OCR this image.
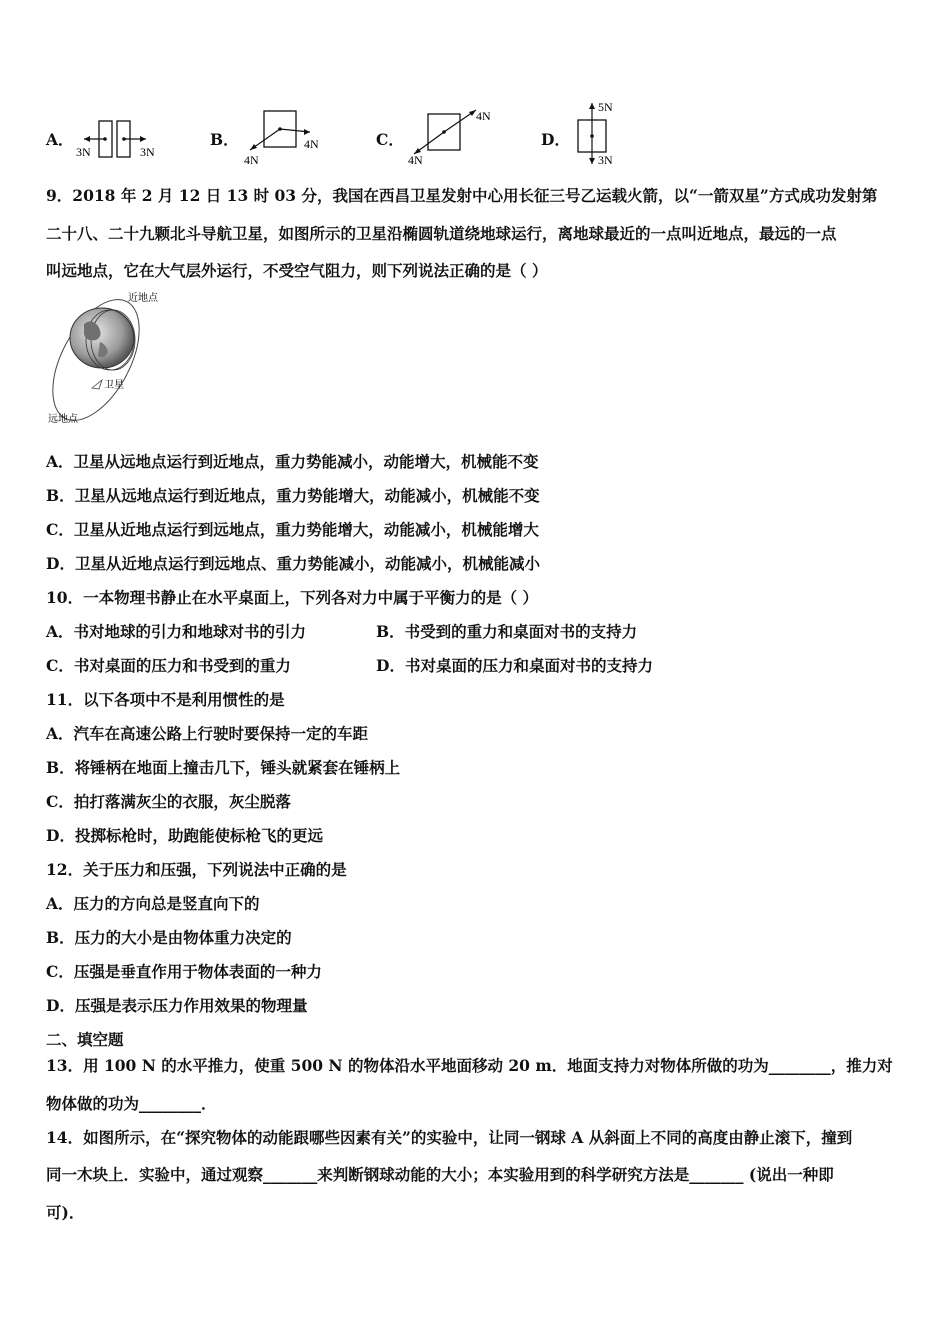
A．
3N	3N
B．
4N
4N	C．
4N
4N
D．
5N
3N
9．2018 年 2 月 12 日 13 时 03 分，我国在西昌卫星发射中心用长征三号乙运载火箭，以“一箭双星”方式成功发射第
二十八、二十九颗北斗导航卫星，如图所示的卫星沿椭圆轨道绕地球运行，离地球最近的一点叫近地点，最远的一点
叫远地点，它在大气层外运行，不受空气阻力，则下列说法正确的是（ ）
近地点
卫星
远地点
A．卫星从远地点运行到近地点，重力势能减小，动能增大，机械能不变
B．卫星从远地点运行到近地点，重力势能增大，动能减小，机械能不变
C．卫星从近地点运行到远地点，重力势能增大，动能减小，机械能增大
D．卫星从近地点运行到远地点、重力势能减小，动能减小，机械能减小
10．一本物理书静止在水平桌面上，下列各对力中属于平衡力的是（ ）
A．书对地球的引力和地球对书的引力	B．书受到的重力和桌面对书的支持力
C．书对桌面的压力和书受到的重力	D．书对桌面的压力和桌面对书的支持力
11．以下各项中不是利用惯性的是
A．汽车在高速公路上行驶时要保持一定的车距
B．将锤柄在地面上撞击几下，锤头就紧套在锤柄上
C．拍打落满灰尘的衣服，灰尘脱落
D．投掷标枪时，助跑能使标枪飞的更远
12．关于压力和压强，下列说法中正确的是
A．压力的方向总是竖直向下的
B．压力的大小是由物体重力决定的
C．压强是垂直作用于物体表面的一种力
D．压强是表示压力作用效果的物理量
二、填空题
13．用 100 N 的水平推力，使重 500 N 的物体沿水平地面移动 20 m．地面支持力对物体所做的功为________，推力对
物体做的功为________．
14．如图所示，在“探究物体的动能跟哪些因素有关”的实验中，让同一钢球 A 从斜面上不同的高度由静止滚下，撞到
同一木块上．实验中，通过观察_______来判断钢球动能的大小；本实验用到的科学研究方法是_______ (说出一种即
可)．
